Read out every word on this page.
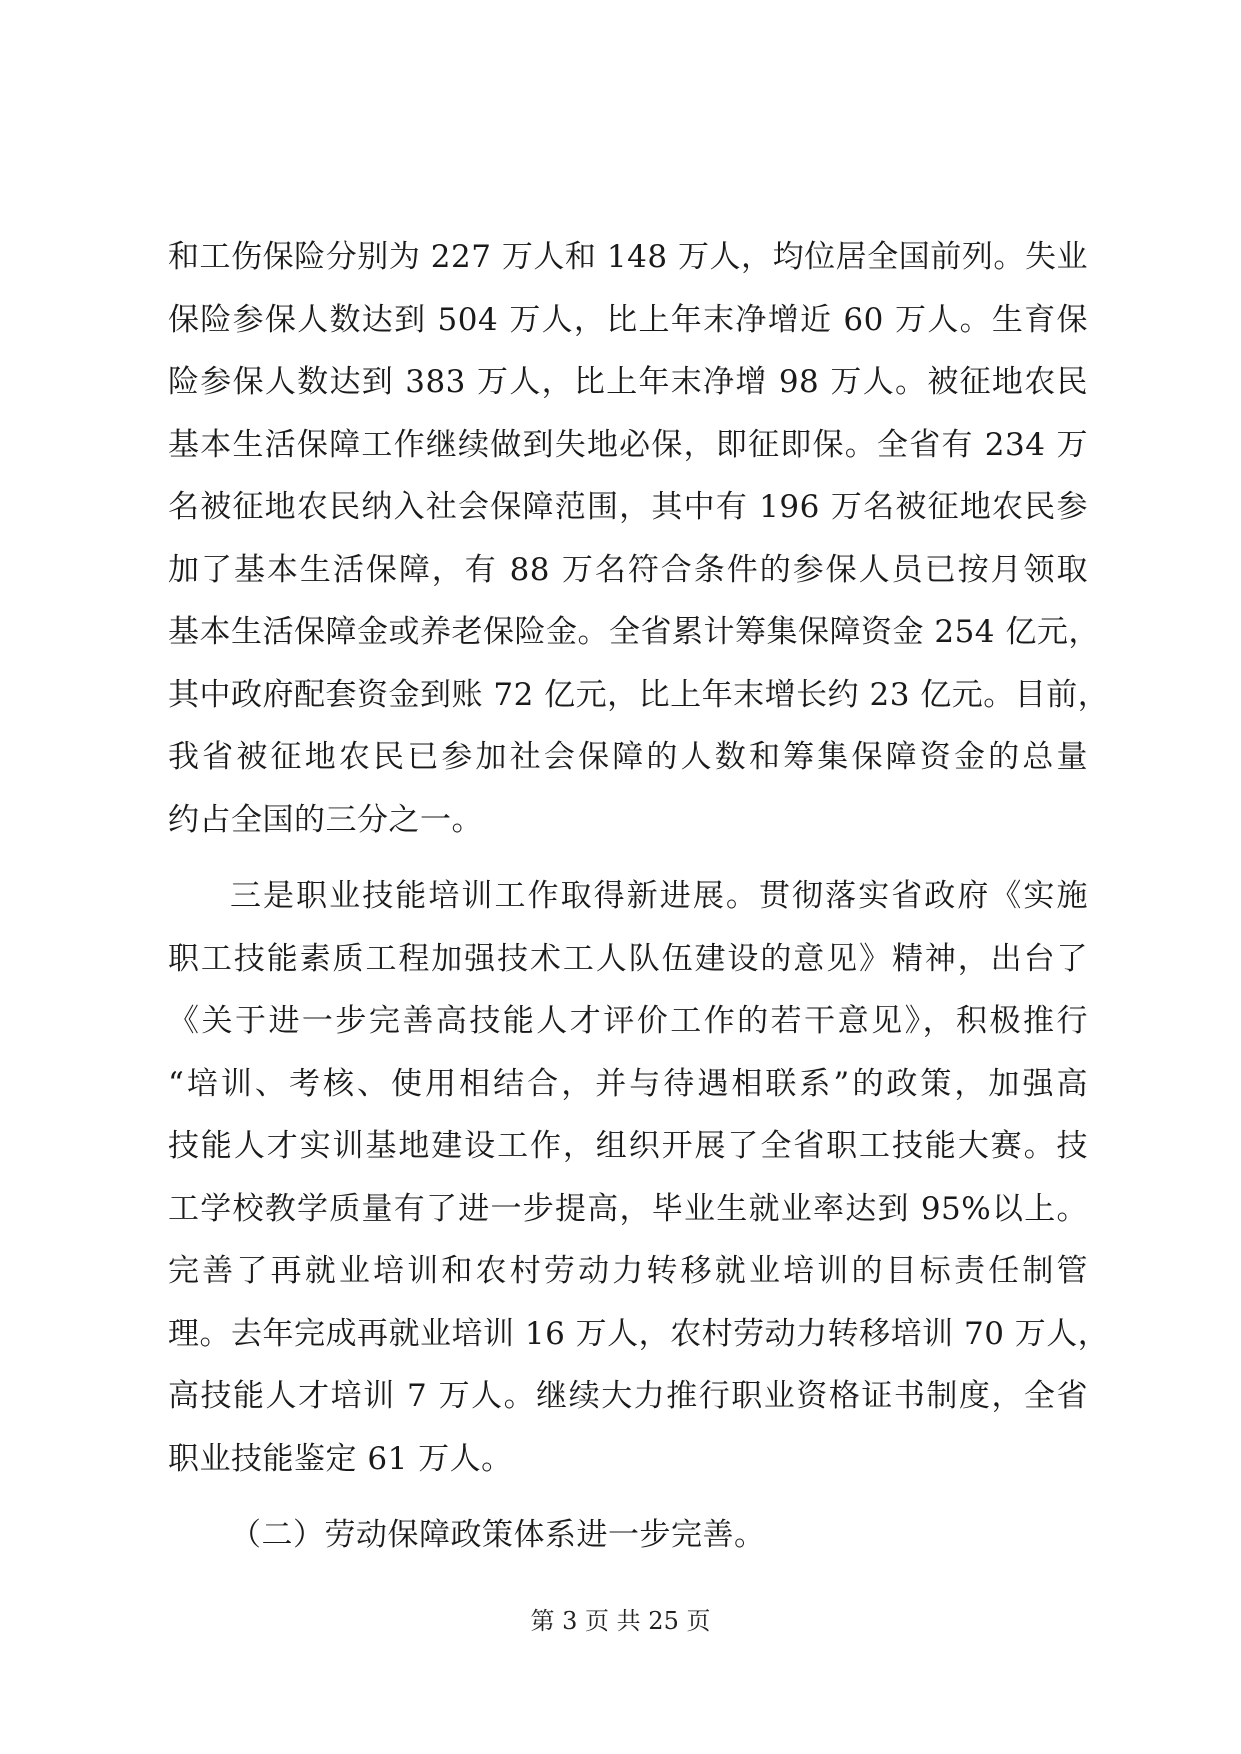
和工伤保险分别为 227 万人和 148 万人，均位居全国前列。失业
保险参保人数达到 504 万人，比上年末净增近 60 万人。生育保
险参保人数达到 383 万人，比上年末净增 98 万人。被征地农民
基本生活保障工作继续做到失地必保，即征即保。全省有 234 万
名被征地农民纳入社会保障范围，其中有 196 万名被征地农民参
加了基本生活保障，有 88 万名符合条件的参保人员已按月领取
基本生活保障金或养老保险金。全省累计筹集保障资金 254 亿元，
其中政府配套资金到账 72 亿元，比上年末增长约 23 亿元。目前，
我省被征地农民已参加社会保障的人数和筹集保障资金的总量
约占全国的三分之一。
三是职业技能培训工作取得新进展。贯彻落实省政府《实施
职工技能素质工程加强技术工人队伍建设的意见》精神，出台了
《关于进一步完善高技能人才评价工作的若干意见》，积极推行
“培训、考核、使用相结合，并与待遇相联系”的政策，加强高
技能人才实训基地建设工作，组织开展了全省职工技能大赛。技
工学校教学质量有了进一步提高，毕业生就业率达到 95%以上。
完善了再就业培训和农村劳动力转移就业培训的目标责任制管
理。去年完成再就业培训 16 万人，农村劳动力转移培训 70 万人，
高技能人才培训 7 万人。继续大力推行职业资格证书制度，全省
职业技能鉴定 61 万人。
（二）劳动保障政策体系进一步完善。
第 3 页 共 25 页
